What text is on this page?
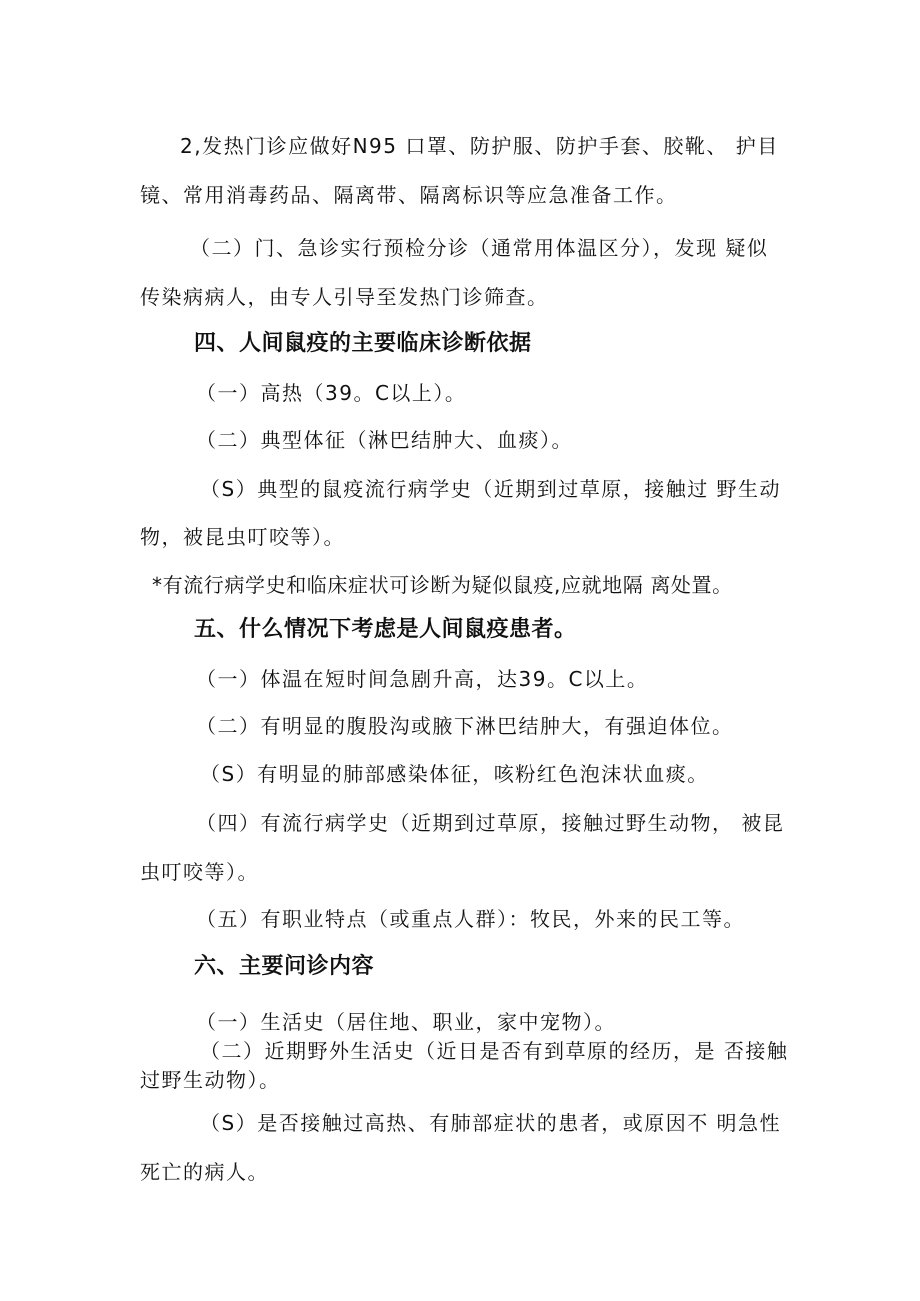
2,发热门诊应做好N95 口罩、防护服、防护手套、胶靴、 护目
镜、常用消毒药品、隔离带、隔离标识等应急准备工作。
（二）门、急诊实行预检分诊（通常用体温区分），发现 疑似
传染病病人，由专人引导至发热门诊筛查。
四、人间鼠疫的主要临床诊断依据
（一）高热（39。C以上）。
（二）典型体征（淋巴结肿大、血痰）。
（S）典型的鼠疫流行病学史（近期到过草原，接触过 野生动
物，被昆虫叮咬等）。
*有流行病学史和临床症状可诊断为疑似鼠疫,应就地隔 离处置。
五、什么情况下考虑是人间鼠疫患者。
（一）体温在短时间急剧升高，达39。C以上。
（二）有明显的腹股沟或腋下淋巴结肿大，有强迫体位。
（S）有明显的肺部感染体征，咳粉红色泡沫状血痰。
（四）有流行病学史（近期到过草原，接触过野生动物， 被昆
虫叮咬等）。
（五）有职业特点（或重点人群）：牧民，外来的民工等。
六、主要问诊内容
（一）生活史（居住地、职业，家中宠物）。
（二）近期野外生活史（近日是否有到草原的经历，是 否接触
过野生动物）。
（S）是否接触过高热、有肺部症状的患者，或原因不 明急性
死亡的病人。
